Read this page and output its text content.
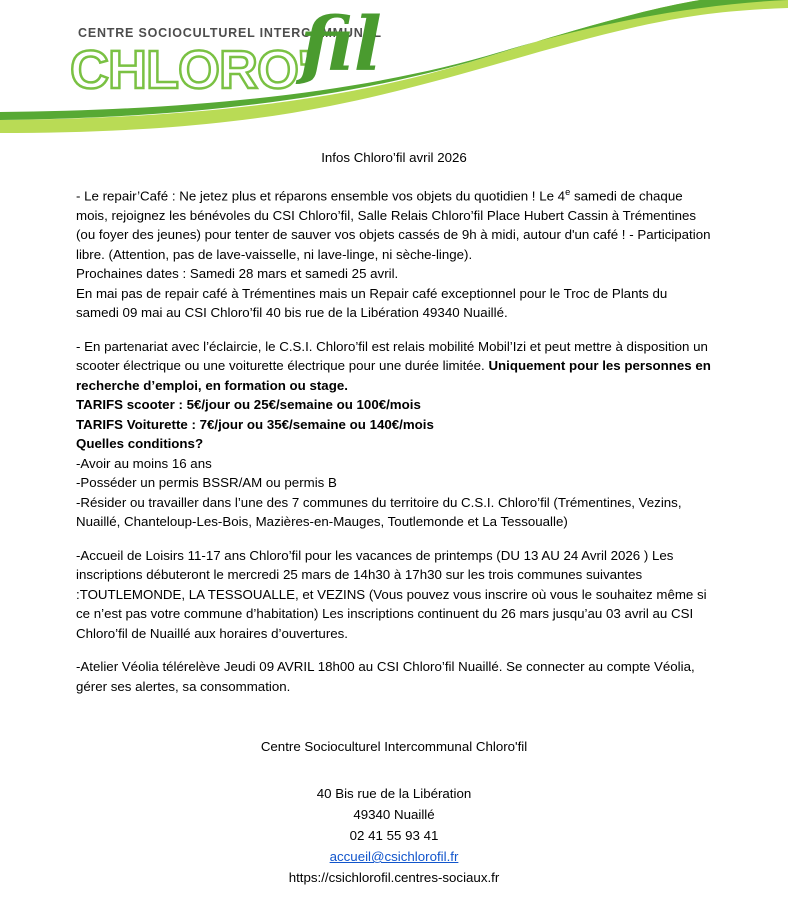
CENTRE SOCIOCULTUREL INTERCOMMUNAL
CHLORO'
fil
Infos Chloro’fil avril 2026
- Le repair’Café : Ne jetez plus et réparons ensemble vos objets du quotidien ! Le 4e samedi de chaque mois, rejoignez les bénévoles du CSI Chloro’fil, Salle Relais Chloro’fil Place Hubert Cassin à Trémentines (ou foyer des jeunes) pour tenter de sauver vos objets cassés de 9h à midi, autour d'un café ! - Participation libre. (Attention, pas de lave-vaisselle, ni lave-linge, ni sèche-linge).
Prochaines dates : Samedi 28 mars et samedi 25 avril.
En mai pas de repair café à Trémentines mais un Repair café exceptionnel pour le Troc de Plants du samedi 09 mai au CSI Chloro’fil 40 bis rue de la Libération 49340 Nuaillé.
- En partenariat avec l’éclaircie, le C.S.I. Chloro’fil est relais mobilité Mobil’Izi et peut mettre à disposition un scooter électrique ou une voiturette électrique pour une durée limitée. Uniquement pour les personnes en recherche d’emploi, en formation ou stage.
TARIFS scooter : 5€/jour ou 25€/semaine ou 100€/mois
TARIFS Voiturette : 7€/jour ou 35€/semaine ou 140€/mois
Quelles conditions?
-Avoir au moins 16 ans
-Posséder un permis BSSR/AM ou permis B
-Résider ou travailler dans l’une des 7 communes du territoire du C.S.I. Chloro’fil (Trémentines, Vezins, Nuaillé, Chanteloup-Les-Bois, Mazières-en-Mauges, Toutlemonde et La Tessoualle)
-Accueil de Loisirs 11-17 ans Chloro’fil pour les vacances de printemps (DU 13 AU 24 Avril 2026 ) Les inscriptions débuteront le mercredi 25 mars de 14h30 à 17h30 sur les trois communes suivantes :TOUTLEMONDE, LA TESSOUALLE, et VEZINS (Vous pouvez vous inscrire où vous le souhaitez même si ce n’est pas votre commune d’habitation) Les inscriptions continuent du 26 mars jusqu’au 03 avril au CSI Chloro’fil de Nuaillé aux horaires d’ouvertures.
-Atelier Véolia télérelève Jeudi 09 AVRIL 18h00 au CSI Chloro’fil Nuaillé. Se connecter au compte Véolia, gérer ses alertes, sa consommation.
Centre Socioculturel Intercommunal Chloro'fil
40 Bis rue de la Libération
49340 Nuaillé
02 41 55 93 41
accueil@csichlorofil.fr
https://csichlorofil.centres-sociaux.fr
